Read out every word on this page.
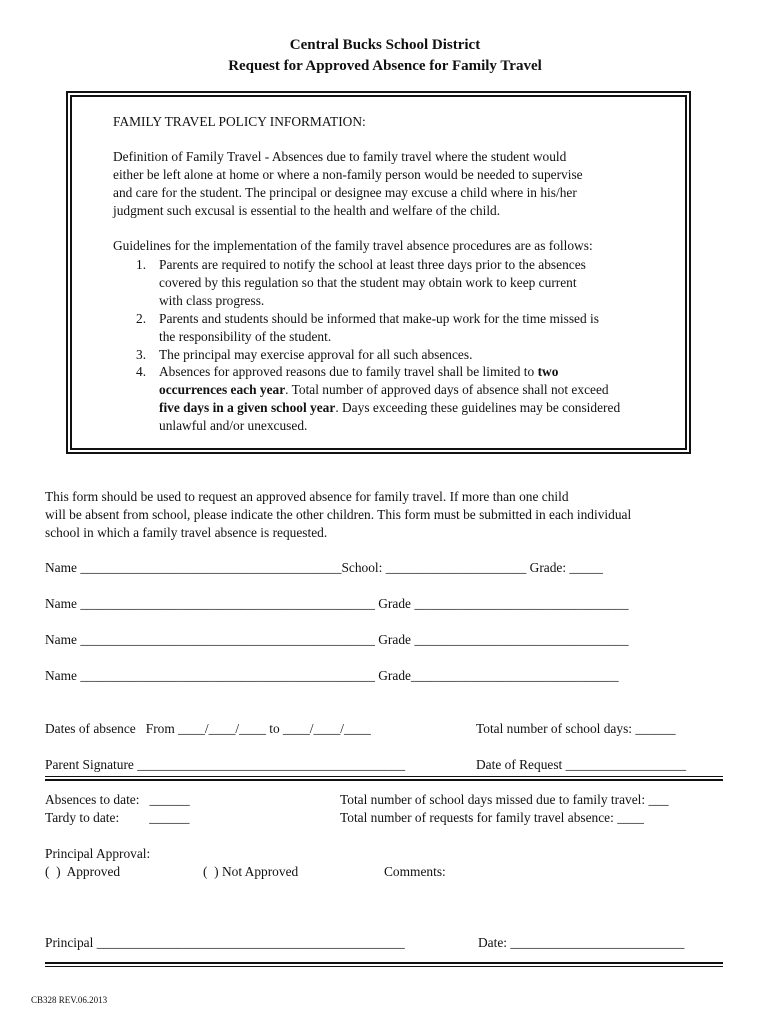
Central Bucks School District
Request for Approved Absence for Family Travel
FAMILY TRAVEL POLICY INFORMATION:
Definition of Family Travel - Absences due to family travel where the student would
either be left alone at home or where a non-family person would be needed to supervise
and care for the student. The principal or designee may excuse a child where in his/her
judgment such excusal is essential to the health and welfare of the child.
Guidelines for the implementation of the family travel absence procedures are as follows:

1.

Parents are required to notify the school at least three days prior to the absences

covered by this regulation so that the student may obtain work to keep current

with class progress.

2.

Parents and students should be informed that make-up work for the time missed is

the responsibility of the student.

3.

The principal may exercise approval for all such absences.

4.

Absences for approved reasons due to family travel shall be limited to two

occurrences each year. Total number of approved days of absence shall not exceed

five days in a given school year. Days exceeding these guidelines may be considered

unlawful and/or unexcused.

This form should be used to request an approved absence for family travel. If more than one child
will be absent from school, please indicate the other children. This form must be submitted in each individual
school in which a family travel absence is requested.
Name _______________________________________School: _____________________ Grade: _____
Name ____________________________________________ Grade ________________________________
Name ____________________________________________ Grade ________________________________
Name ____________________________________________ Grade_______________________________
Dates of absence   From ____/____/____ to ____/____/____	Total number of school days: ______
Parent Signature ________________________________________	Date of Request __________________
Absences to date:   ______
Tardy to date:         ______
Total number of school days missed due to family travel: ___
Total number of requests for family travel absence: ____
Principal Approval:
(  )  Approved	(  ) Not Approved	Comments:
Principal ______________________________________________	Date: __________________________
CB328 REV.06.2013
